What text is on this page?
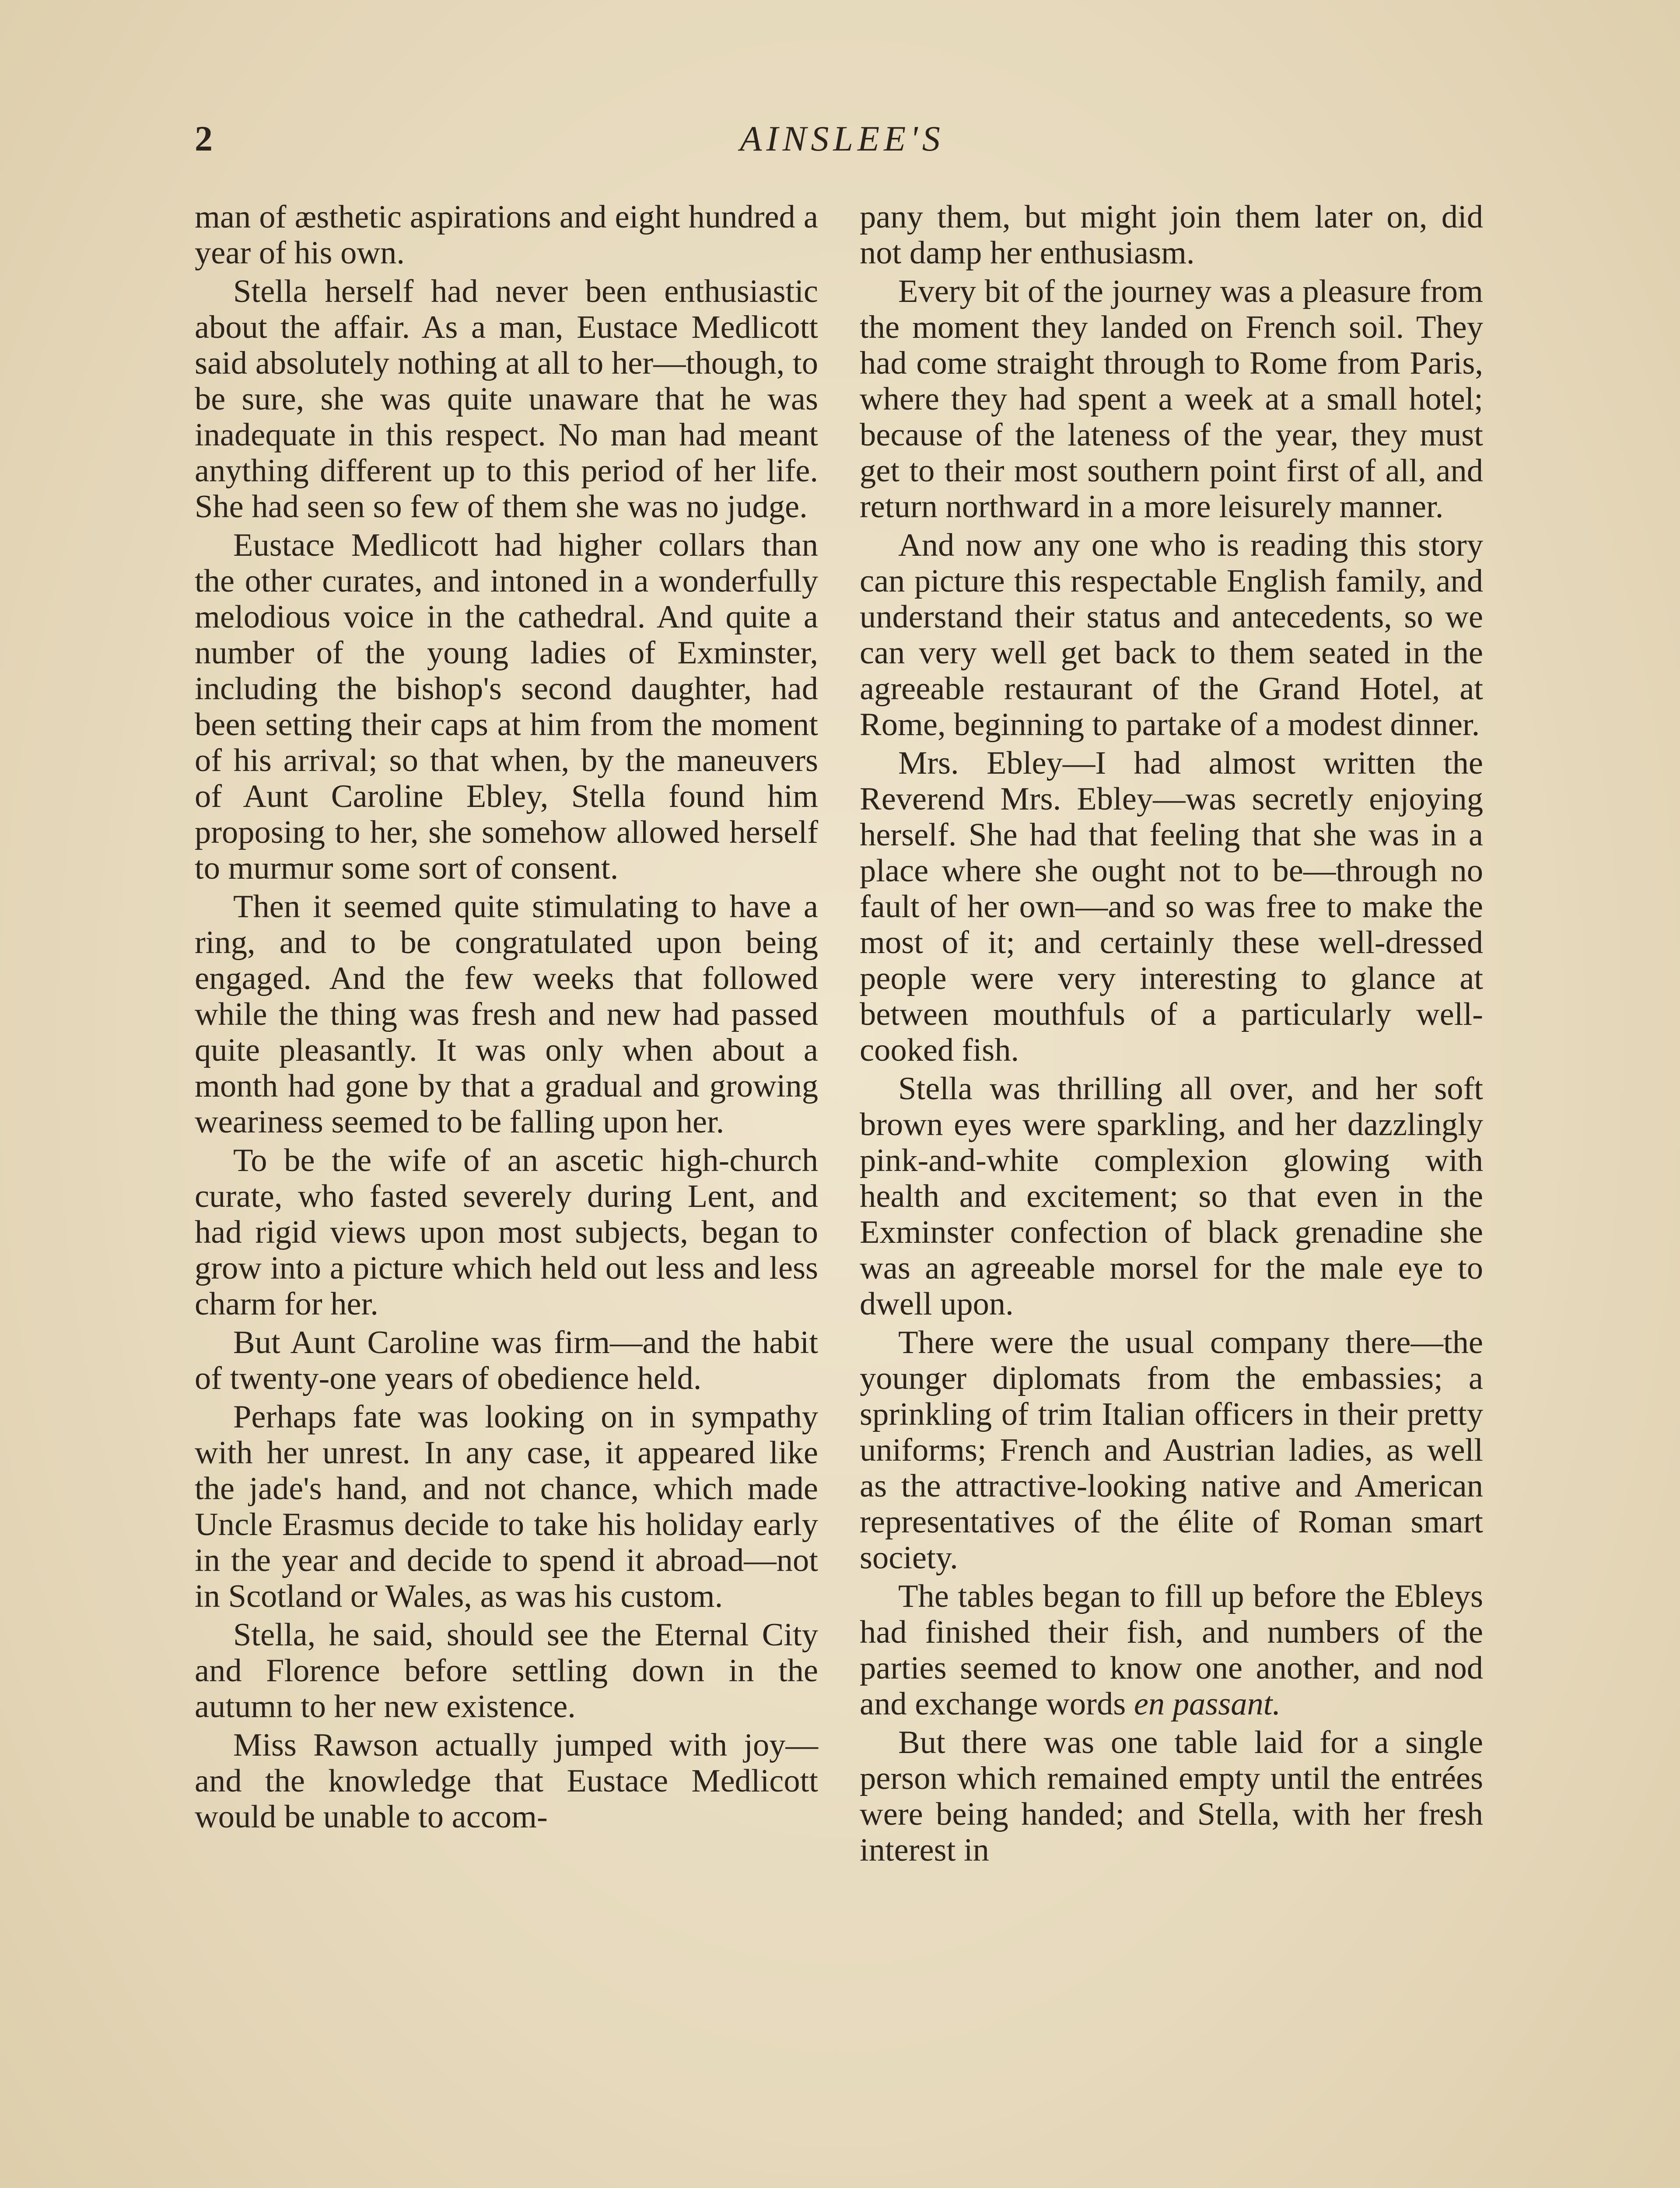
2	AINSLEE'S

man of æsthetic aspirations and eight hundred a year of his own.

Stella herself had never been enthusiastic about the affair. As a man, Eustace Medlicott said absolutely nothing at all to her—though, to be sure, she was quite unaware that he was inadequate in this respect. No man had meant anything different up to this period of her life. She had seen so few of them she was no judge.

Eustace Medlicott had higher collars than the other curates, and intoned in a wonderfully melodious voice in the cathedral. And quite a number of the young ladies of Exminster, including the bishop's second daughter, had been setting their caps at him from the moment of his arrival; so that when, by the maneuvers of Aunt Caroline Ebley, Stella found him proposing to her, she somehow allowed herself to murmur some sort of consent.

Then it seemed quite stimulating to have a ring, and to be congratulated upon being engaged. And the few weeks that followed while the thing was fresh and new had passed quite pleasantly. It was only when about a month had gone by that a gradual and growing weariness seemed to be falling upon her.

To be the wife of an ascetic high-church curate, who fasted severely during Lent, and had rigid views upon most subjects, began to grow into a picture which held out less and less charm for her.

But Aunt Caroline was firm—and the habit of twenty-one years of obedience held.

Perhaps fate was looking on in sympathy with her unrest. In any case, it appeared like the jade's hand, and not chance, which made Uncle Erasmus decide to take his holiday early in the year and decide to spend it abroad—not in Scotland or Wales, as was his custom.

Stella, he said, should see the Eternal City and Florence before settling down in the autumn to her new existence.

Miss Rawson actually jumped with joy—and the knowledge that Eustace Medlicott would be unable to accom-

pany them, but might join them later on, did not damp her enthusiasm.

Every bit of the journey was a pleasure from the moment they landed on French soil. They had come straight through to Rome from Paris, where they had spent a week at a small hotel; because of the lateness of the year, they must get to their most southern point first of all, and return northward in a more leisurely manner.

And now any one who is reading this story can picture this respectable English family, and understand their status and antecedents, so we can very well get back to them seated in the agreeable restaurant of the Grand Hotel, at Rome, beginning to partake of a modest dinner.

Mrs. Ebley—I had almost written the Reverend Mrs. Ebley—was secretly enjoying herself. She had that feeling that she was in a place where she ought not to be—through no fault of her own—and so was free to make the most of it; and certainly these well-dressed people were very interesting to glance at between mouthfuls of a particularly well-cooked fish.

Stella was thrilling all over, and her soft brown eyes were sparkling, and her dazzlingly pink-and-white complexion glowing with health and excitement; so that even in the Exminster confection of black grenadine she was an agreeable morsel for the male eye to dwell upon.

There were the usual company there—the younger diplomats from the embassies; a sprinkling of trim Italian officers in their pretty uniforms; French and Austrian ladies, as well as the attractive-looking native and American representatives of the élite of Roman smart society.

The tables began to fill up before the Ebleys had finished their fish, and numbers of the parties seemed to know one another, and nod and exchange words en passant.

But there was one table laid for a single person which remained empty until the entrées were being handed; and Stella, with her fresh interest in
